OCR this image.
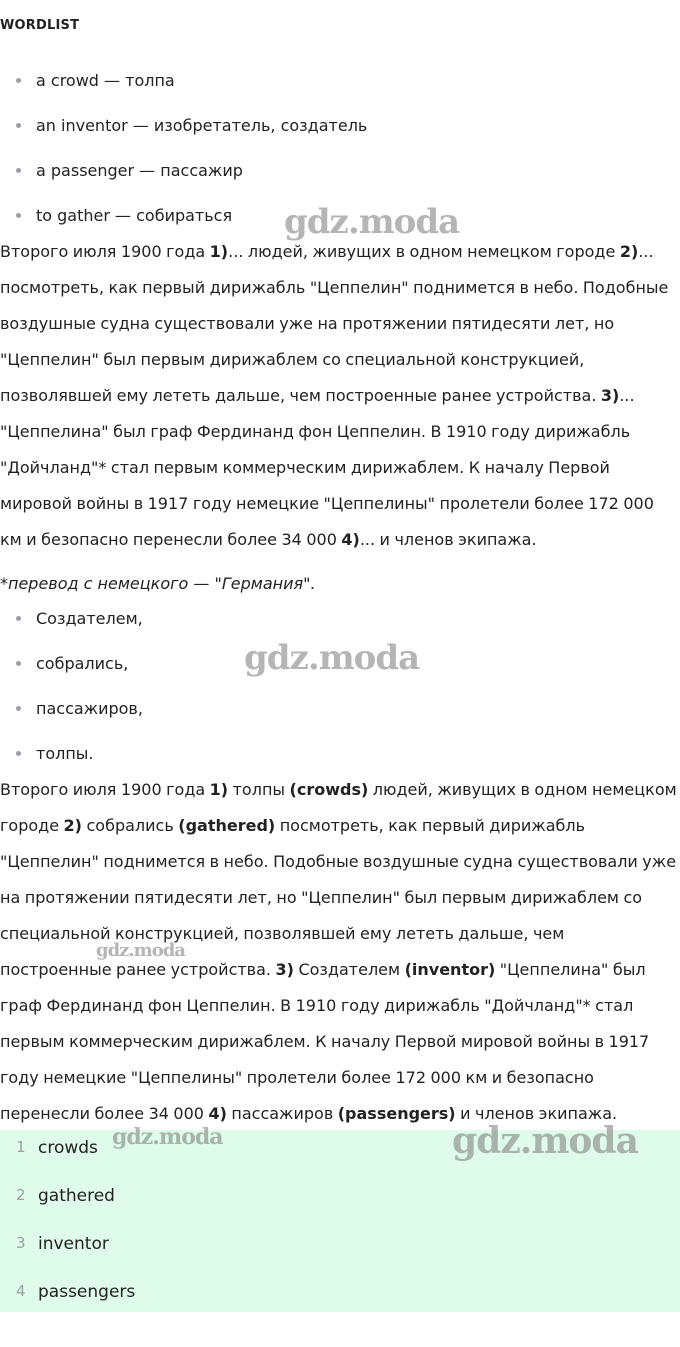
WORDLIST
a crowd — толпа
an inventor — изобретатель, создатель
a passenger — пассажир
to gather — собираться

Второго июля 1900 года 1)... людей, живущих в одном немецком городе 2)... посмотреть, как первый дирижабль "Цеппелин" поднимется в небо. Подобные воздушные судна существовали уже на протяжении пятидесяти лет, но "Цеппелин" был первым дирижаблем со специальной конструкцией, позволявшей ему лететь дальше, чем построенные ранее устройства. 3)... "Цеппелина" был граф Фердинанд фон Цеппелин. В 1910 году дирижабль "Дойчланд"* стал первым коммерческим дирижаблем. К началу Первой мировой войны в 1917 году немецкие "Цеппелины" пролетели более 172 000 км и безопасно перенесли более 34 000 4)... и членов экипажа.

*перевод с немецкого — "Германия".
Создателем,
собрались,
пассажиров,
толпы.

Второго июля 1900 года 1) толпы (crowds) людей, живущих в одном немецком городе 2) собрались (gathered) посмотреть, как первый дирижабль "Цеппелин" поднимется в небо. Подобные воздушные судна существовали уже на протяжении пятидесяти лет, но "Цеппелин" был первым дирижаблем со специальной конструкцией, позволявшей ему лететь дальше, чем построенные ранее устройства. 3) Создателем (inventor) "Цеппелина" был граф Фердинанд фон Цеппелин. В 1910 году дирижабль "Дойчланд"* стал первым коммерческим дирижаблем. К началу Первой мировой войны в 1917 году немецкие "Цеппелины" пролетели более 172 000 км и безопасно перенесли более 34 000 4) пассажиров (passengers) и членов экипажа.

1 crowds
2 gathered
3 inventor
4 passengers
gdz.moda
gdz.moda
gdz.moda
gdz.moda	gdz.moda
